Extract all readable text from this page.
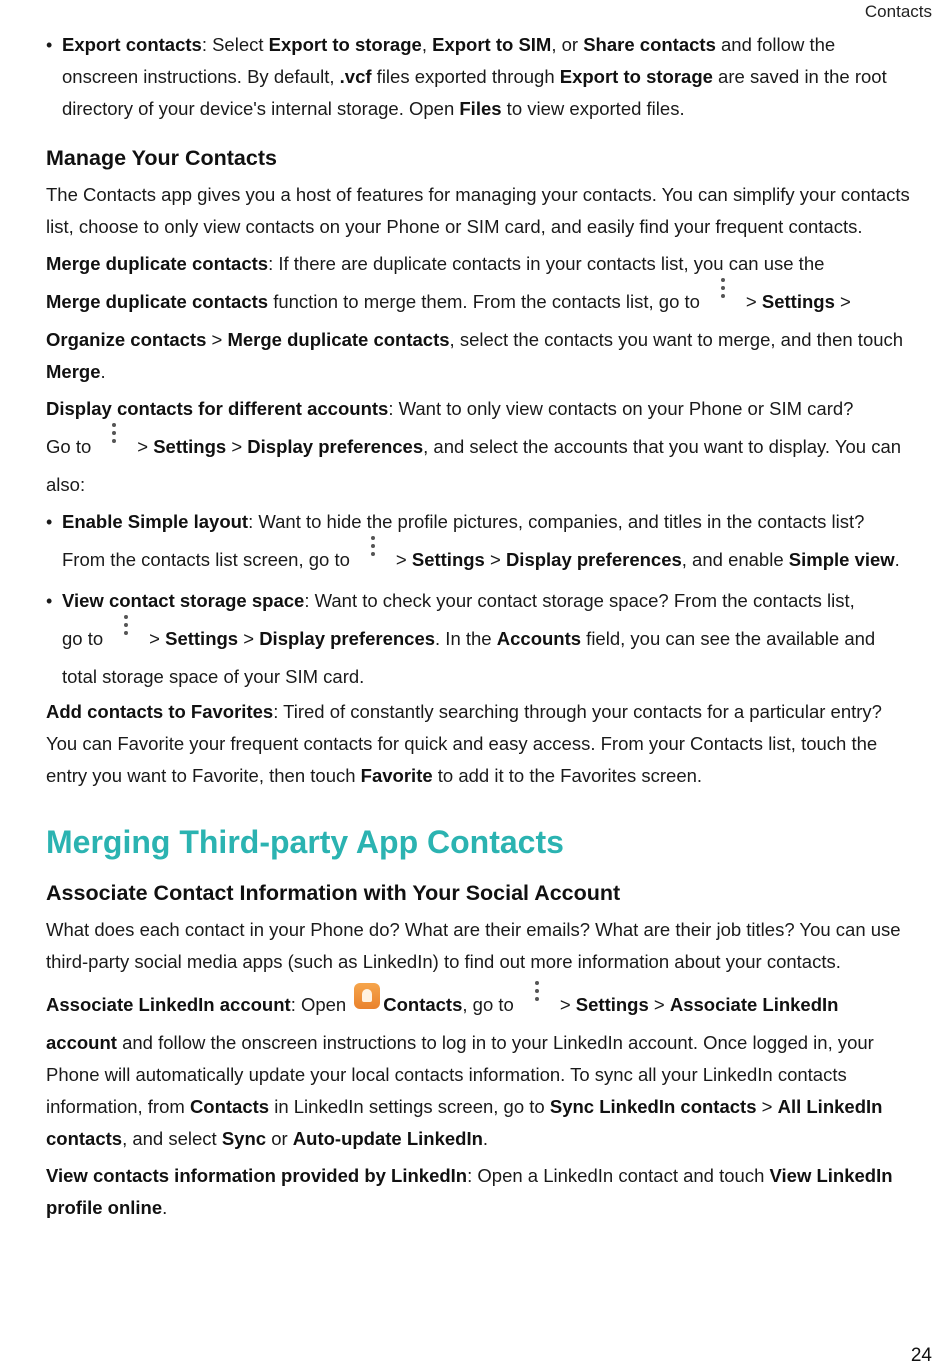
Contacts

• Export contacts: Select Export to storage, Export to SIM, or Share contacts and follow the onscreen instructions. By default, .vcf files exported through Export to storage are saved in the root directory of your device's internal storage. Open Files to view exported files.

Manage Your Contacts

The Contacts app gives you a host of features for managing your contacts. You can simplify your contacts list, choose to only view contacts on your Phone or SIM card, and easily find your frequent contacts.

Merge duplicate contacts: If there are duplicate contacts in your contacts list, you can use the
Merge duplicate contacts function to merge them. From the contacts list, go to > Settings > Organize contacts > Merge duplicate contacts, select the contacts you want to merge, and then touch Merge.

Display contacts for different accounts: Want to only view contacts on your Phone or SIM card?
Go to > Settings > Display preferences, and select the accounts that you want to display. You can also:

• Enable Simple layout: Want to hide the profile pictures, companies, and titles in the contacts list?
From the contacts list screen, go to > Settings > Display preferences, and enable Simple view.

• View contact storage space: Want to check your contact storage space? From the contacts list,
go to > Settings > Display preferences. In the Accounts field, you can see the available and total storage space of your SIM card.

Add contacts to Favorites: Tired of constantly searching through your contacts for a particular entry? You can Favorite your frequent contacts for quick and easy access. From your Contacts list, touch the entry you want to Favorite, then touch Favorite to add it to the Favorites screen.

Merging Third-party App Contacts
Associate Contact Information with Your Social Account

What does each contact in your Phone do? What are their emails? What are their job titles? You can use third-party social media apps (such as LinkedIn) to find out more information about your contacts.

Associate LinkedIn account: Open Contacts, go to > Settings > Associate LinkedIn account and follow the onscreen instructions to log in to your LinkedIn account. Once logged in, your Phone will automatically update your local contacts information. To sync all your LinkedIn contacts information, from Contacts in LinkedIn settings screen, go to Sync LinkedIn contacts > All LinkedIn contacts, and select Sync or Auto-update LinkedIn.

View contacts information provided by LinkedIn: Open a LinkedIn contact and touch View LinkedIn profile online.

24
